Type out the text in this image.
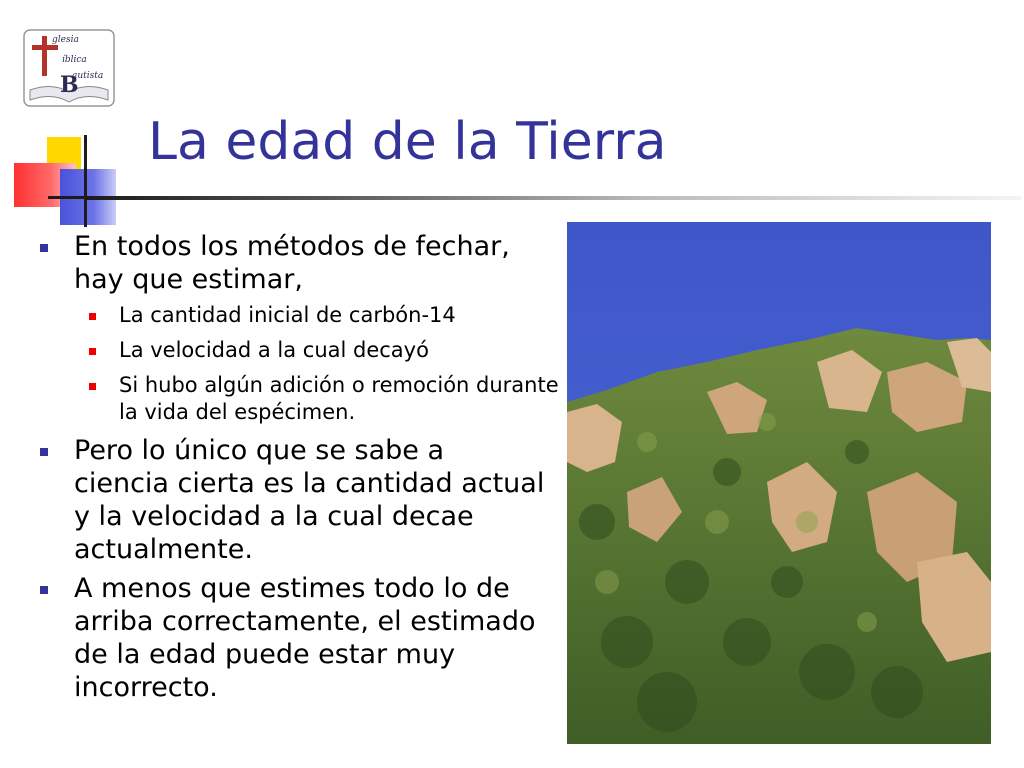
B
glesia
íblica
autista
La edad de la Tierra
En todos los métodos de fechar, hay que estimar,
La cantidad inicial de carbón-14
La velocidad a la cual decayó
Si hubo algún adición o remoción durante la vida del espécimen.
Pero lo único que se sabe a ciencia cierta es la cantidad actual y la velocidad a la cual decae actualmente.
A menos que estimes todo lo de arriba correctamente, el estimado de la edad puede estar muy incorrecto.
